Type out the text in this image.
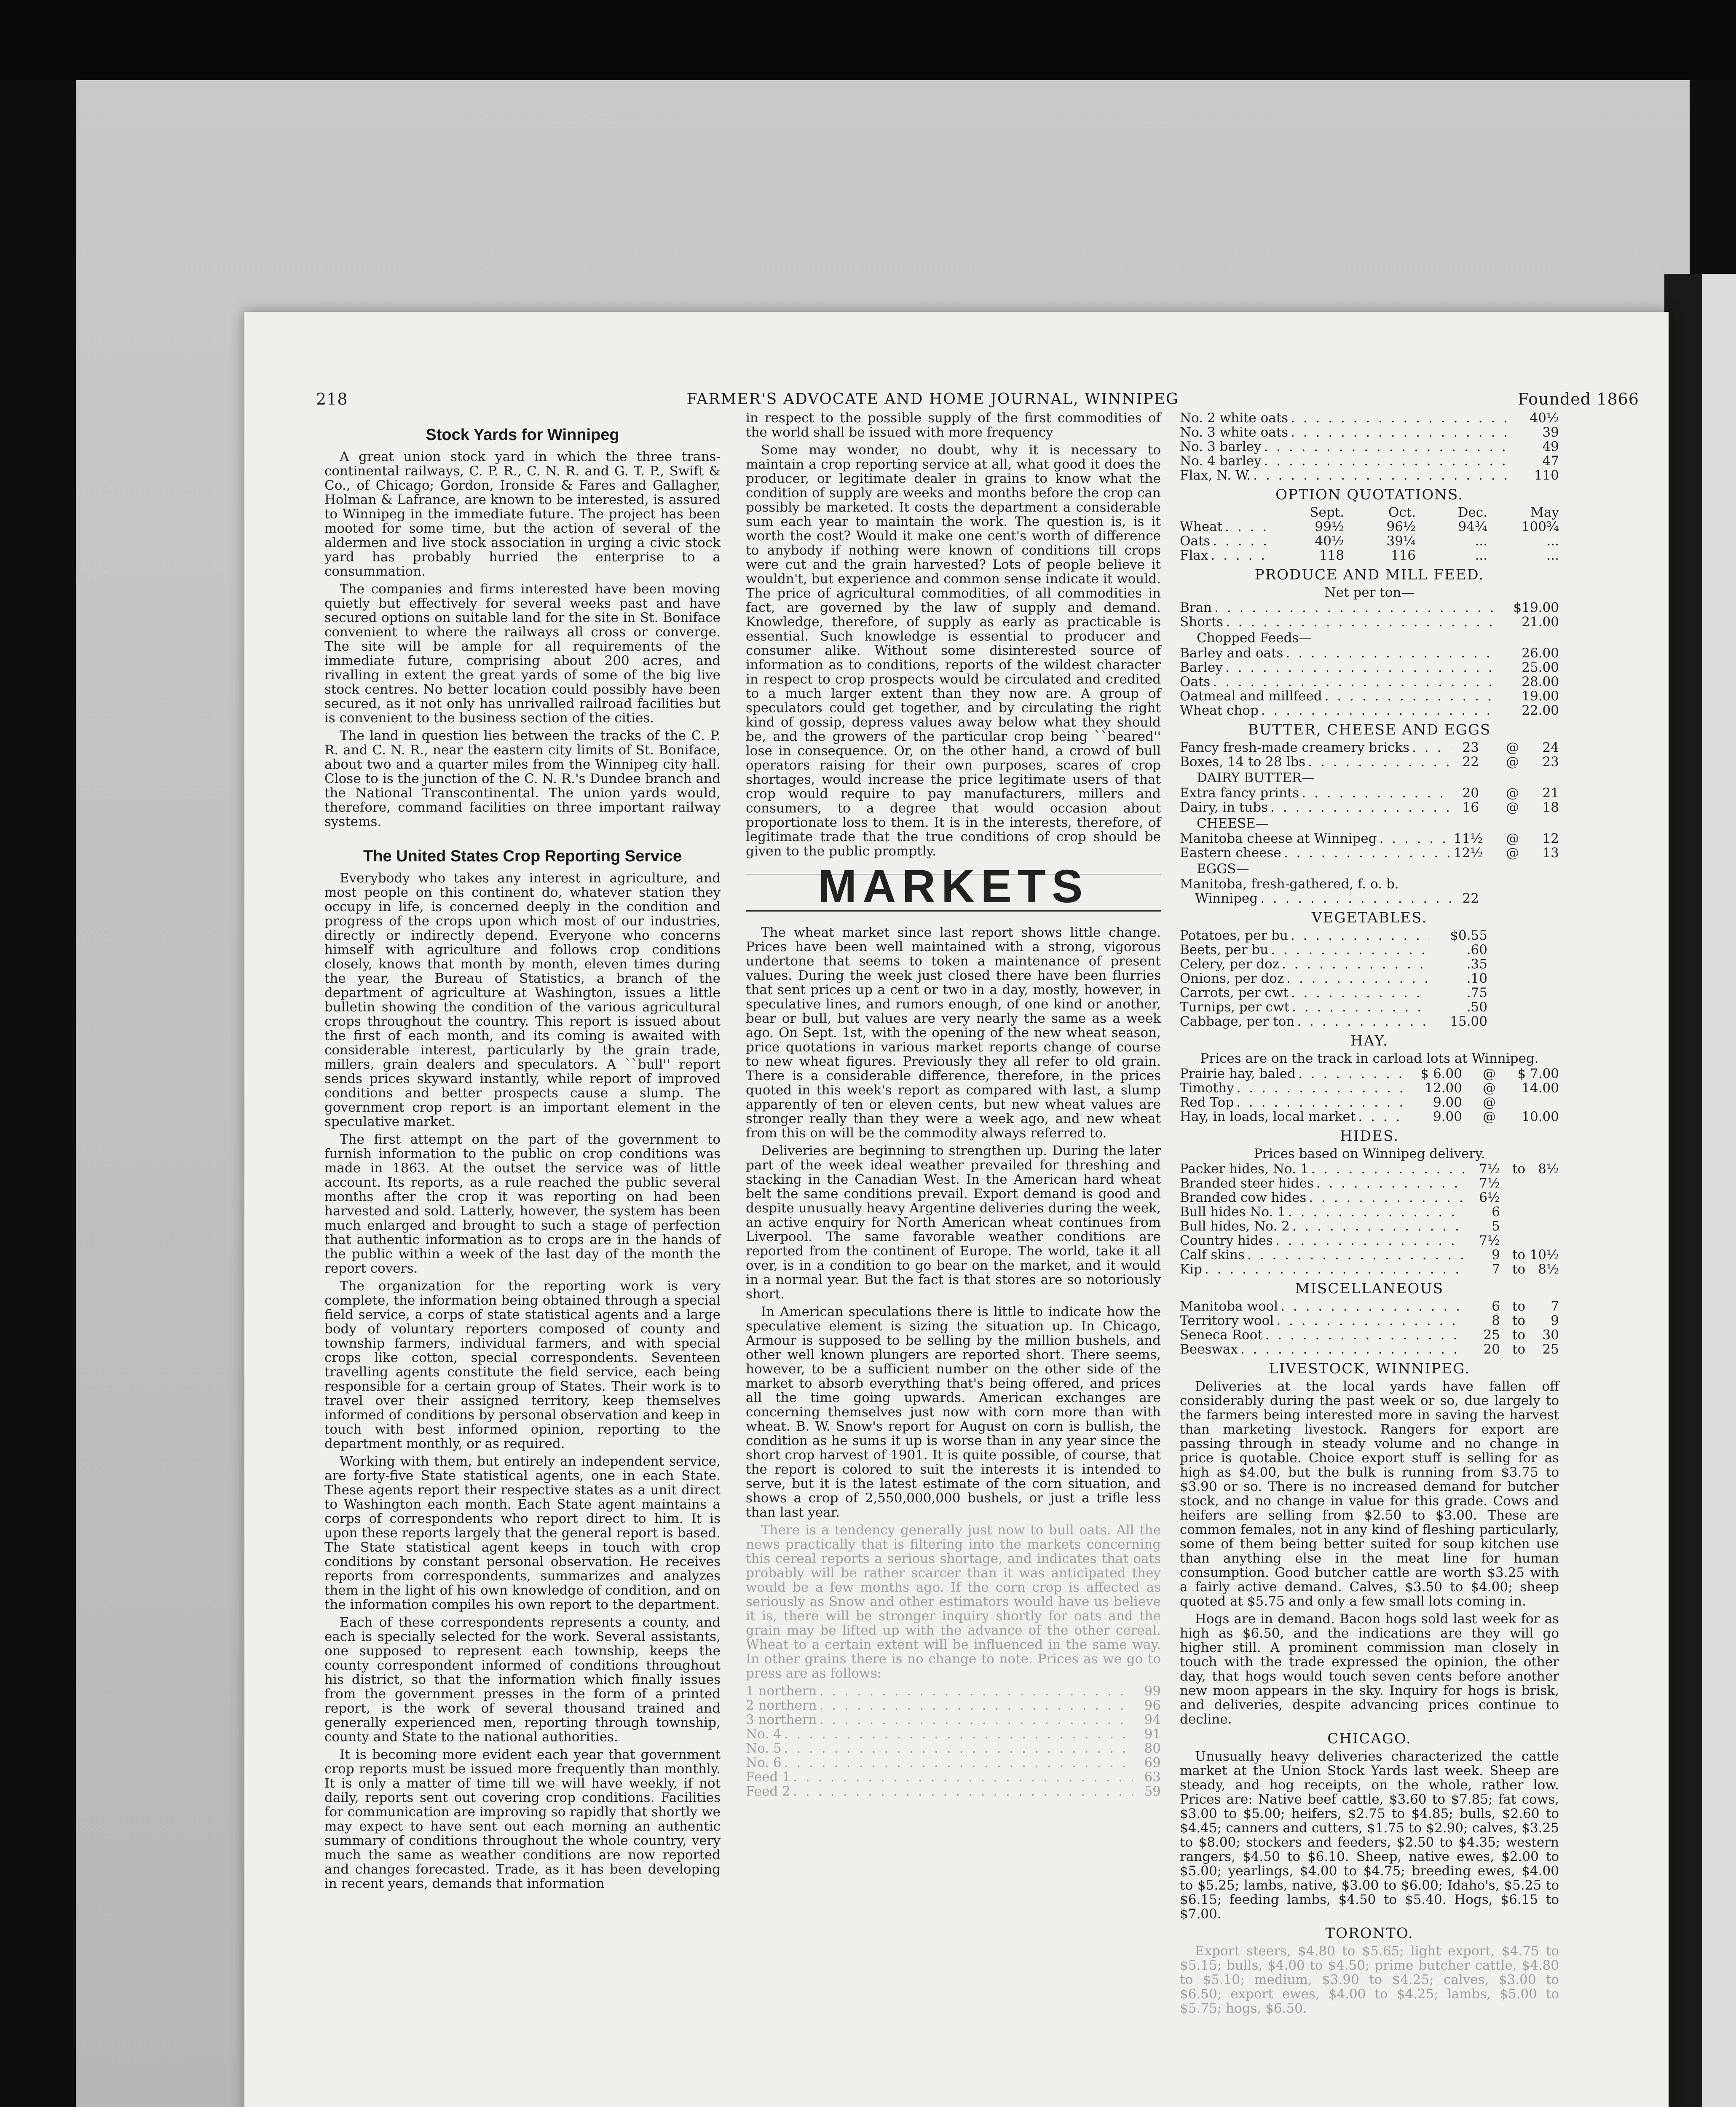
218	FARMER'S ADVOCATE AND HOME JOURNAL, WINNIPEG	Founded 1866
Stock Yards for Winnipeg

A great union stock yard in which the three trans-continental railways, C. P. R., C. N. R. and G. T. P., Swift & Co., of Chicago; Gordon, Ironside & Fares and Gallagher, Holman & Lafrance, are known to be interested, is assured to Winnipeg in the immediate future. The project has been mooted for some time, but the action of several of the aldermen and live stock association in urging a civic stock yard has probably hurried the enterprise to a consummation.

The companies and firms interested have been moving quietly but effectively for several weeks past and have secured options on suitable land for the site in St. Boniface convenient to where the railways all cross or converge. The site will be ample for all requirements of the immediate future, comprising about 200 acres, and rivalling in extent the great yards of some of the big live stock centres. No better location could possibly have been secured, as it not only has unrivalled railroad facilities but is convenient to the business section of the cities.

The land in question lies between the tracks of the C. P. R. and C. N. R., near the eastern city limits of St. Boniface, about two and a quarter miles from the Winnipeg city hall. Close to is the junction of the C. N. R.'s Dundee branch and the National Transcontinental. The union yards would, therefore, command facilities on three important railway systems.

The United States Crop Reporting Service

Everybody who takes any interest in agriculture, and most people on this continent do, whatever station they occupy in life, is concerned deeply in the condition and progress of the crops upon which most of our industries, directly or indirectly depend. Everyone who concerns himself with agriculture and follows crop conditions closely, knows that month by month, eleven times during the year, the Bureau of Statistics, a branch of the department of agriculture at Washington, issues a little bulletin showing the condition of the various agricultural crops throughout the country. This report is issued about the first of each month, and its coming is awaited with considerable interest, particularly by the grain trade, millers, grain dealers and speculators. A ``bull'' report sends prices skyward instantly, while report of improved conditions and better prospects cause a slump. The government crop report is an important element in the speculative market.

The first attempt on the part of the government to furnish information to the public on crop conditions was made in 1863. At the outset the service was of little account. Its reports, as a rule reached the public several months after the crop it was reporting on had been harvested and sold. Latterly, however, the system has been much enlarged and brought to such a stage of perfection that authentic information as to crops are in the hands of the public within a week of the last day of the month the report covers.

The organization for the reporting work is very complete, the information being obtained through a special field service, a corps of state statistical agents and a large body of voluntary reporters composed of county and township farmers, individual farmers, and with special crops like cotton, special correspondents. Seventeen travelling agents constitute the field service, each being responsible for a certain group of States. Their work is to travel over their assigned territory, keep themselves informed of conditions by personal observation and keep in touch with best informed opinion, reporting to the department monthly, or as required.

Working with them, but entirely an independent service, are forty-five State statistical agents, one in each State. These agents report their respective states as a unit direct to Washington each month. Each State agent maintains a corps of correspondents who report direct to him. It is upon these reports largely that the general report is based. The State statistical agent keeps in touch with crop conditions by constant personal observation. He receives reports from correspondents, summarizes and analyzes them in the light of his own knowledge of condition, and on the information compiles his own report to the department.

Each of these correspondents represents a county, and each is specially selected for the work. Several assistants, one supposed to represent each township, keeps the county correspondent informed of conditions throughout his district, so that the information which finally issues from the government presses in the form of a printed report, is the work of several thousand trained and generally experienced men, reporting through township, county and State to the national authorities.

It is becoming more evident each year that government crop reports must be issued more frequently than monthly. It is only a matter of time till we will have weekly, if not daily, reports sent out covering crop conditions. Facilities for communication are improving so rapidly that shortly we may expect to have sent out each morning an authentic summary of conditions throughout the whole country, very much the same as weather conditions are now reported and changes forecasted. Trade, as it has been developing in recent years, demands that information

in respect to the possible supply of the first commodities of the world shall be issued with more frequency

Some may wonder, no doubt, why it is necessary to maintain a crop reporting service at all, what good it does the producer, or legitimate dealer in grains to know what the condition of supply are weeks and months before the crop can possibly be marketed. It costs the department a considerable sum each year to maintain the work. The question is, is it worth the cost? Would it make one cent's worth of difference to anybody if nothing were known of conditions till crops were cut and the grain harvested? Lots of people believe it wouldn't, but experience and common sense indicate it would. The price of agricultural commodities, of all commodities in fact, are governed by the law of supply and demand. Knowledge, therefore, of supply as early as practicable is essential. Such knowledge is essential to producer and consumer alike. Without some disinterested source of information as to conditions, reports of the wildest character in respect to crop prospects would be circulated and credited to a much larger extent than they now are. A group of speculators could get together, and by circulating the right kind of gossip, depress values away below what they should be, and the growers of the particular crop being ``beared'' lose in consequence. Or, on the other hand, a crowd of bull operators raising for their own purposes, scares of crop shortages, would increase the price legitimate users of that crop would require to pay manufacturers, millers and consumers, to a degree that would occasion about proportionate loss to them. It is in the interests, therefore, of legitimate trade that the true conditions of crop should be given to the public promptly.

MARKETS

The wheat market since last report shows little change. Prices have been well maintained with a strong, vigorous undertone that seems to token a maintenance of present values. During the week just closed there have been flurries that sent prices up a cent or two in a day, mostly, however, in speculative lines, and rumors enough, of one kind or another, bear or bull, but values are very nearly the same as a week ago. On Sept. 1st, with the opening of the new wheat season, price quotations in various market reports change of course to new wheat figures. Previously they all refer to old grain. There is a considerable difference, therefore, in the prices quoted in this week's report as compared with last, a slump apparently of ten or eleven cents, but new wheat values are stronger really than they were a week ago, and new wheat from this on will be the commodity always referred to.

Deliveries are beginning to strengthen up. During the later part of the week ideal weather prevailed for threshing and stacking in the Canadian West. In the American hard wheat belt the same conditions prevail. Export demand is good and despite unusually heavy Argentine deliveries during the week, an active enquiry for North American wheat continues from Liverpool. The same favorable weather conditions are reported from the continent of Europe. The world, take it all over, is in a condition to go bear on the market, and it would in a normal year. But the fact is that stores are so notoriously short.

In American speculations there is little to indicate how the speculative element is sizing the situation up. In Chicago, Armour is supposed to be selling by the million bushels, and other well known plungers are reported short. There seems, however, to be a sufficient number on the other side of the market to absorb everything that's being offered, and prices all the time going upwards. American exchanges are concerning themselves just now with corn more than with wheat. B. W. Snow's report for August on corn is bullish, the condition as he sums it up is worse than in any year since the short crop harvest of 1901. It is quite possible, of course, that the report is colored to suit the interests it is intended to serve, but it is the latest estimate of the corn situation, and shows a crop of 2,550,000,000 bushels, or just a trifle less than last year.

There is a tendency generally just now to bull oats. All the news practically that is filtering into the markets concerning this cereal reports a serious shortage, and indicates that oats probably will be rather scarcer than it was anticipated they would be a few months ago. If the corn crop is affected as seriously as Snow and other estimators would have us believe it is, there will be stronger inquiry shortly for oats and the grain may be lifted up with the advance of the other cereal. Wheat to a certain extent will be influenced in the same way. In other grains there is no change to note. Prices as we go to press are as follows:

1 northern . . .	99
2 northern . . .	96
3 northern . . .	94
No. 4 . . .	91
No. 5 . . .	80
No. 6 . . .	69
Feed 1 . . .	63
Feed 2 . . .	59
No. 2 white oats . . .	40½
No. 3 white oats . . .	39
No. 3 barley . . .	49
No. 4 barley . . .	47
Flax, N. W. . . .	110
OPTION QUOTATIONS.
Sept.	Oct.	Dec.	May
Wheat . . .	99½	96½	94¾	100¾
Oats . . .	40½	39¼	...	...
Flax . . .	118	116	...	...
PRODUCE AND MILL FEED.
Net per ton—
Bran . . .	$19.00
Shorts . . .	21.00
Chopped Feeds—
Barley and oats . . .	26.00
Barley . . .	25.00
Oats . . .	28.00
Oatmeal and millfeed . . .	19.00
Wheat chop . . .	22.00
BUTTER, CHEESE AND EGGS
Fancy fresh-made creamery bricks . . .	23	@	24
Boxes, 14 to 28 lbs . . .	22	@	23
DAIRY BUTTER—
Extra fancy prints . . .	20	@	21
Dairy, in tubs . . .	16	@	18
CHEESE—
Manitoba cheese at Winnipeg . . .	11½	@	12
Eastern cheese . . .	12½	@	13
EGGS—
Manitoba, fresh-gathered, f. o. b.
Winnipeg . . .	22
VEGETABLES.
Potatoes, per bu . . .	$0.55
Beets, per bu . . .	.60
Celery, per doz . . .	.35
Onions, per doz . . .	.10
Carrots, per cwt . . .	.75
Turnips, per cwt . . .	.50
Cabbage, per ton . . .	15.00
HAY.
Prices are on the track in carload lots at Winnipeg.
Prairie hay, baled . . .	$ 6.00	@	$ 7.00
Timothy . . .	12.00	@	14.00
Red Top . . .	9.00	@
Hay, in loads, local market . . .	9.00	@	10.00
HIDES.
Prices based on Winnipeg delivery.
Packer hides, No. 1 . . .	7½ to 8½
Branded steer hides . . .	7½
Branded cow hides . . .	6½
Bull hides No. 1 . . .	6
Bull hides, No. 2 . . .	5
Country hides . . .	7½
Calf skins . . .	9 to 10½
Kip . . .	7 to 8½
MISCELLANEOUS
Manitoba wool . . .	6 to	7
Territory wool . . .	8 to	9
Seneca Root . . .	25 to	30
Beeswax . . .	20 to	25
LIVESTOCK, WINNIPEG.

Deliveries at the local yards have fallen off considerably during the past week or so, due largely to the farmers being interested more in saving the harvest than marketing livestock. Rangers for export are passing through in steady volume and no change in price is quotable. Choice export stuff is selling for as high as $4.00, but the bulk is running from $3.75 to $3.90 or so. There is no increased demand for butcher stock, and no change in value for this grade. Cows and heifers are selling from $2.50 to $3.00. These are common females, not in any kind of fleshing particularly, some of them being better suited for soup kitchen use than anything else in the meat line for human consumption. Good butcher cattle are worth $3.25 with a fairly active demand. Calves, $3.50 to $4.00; sheep quoted at $5.75 and only a few small lots coming in.

Hogs are in demand. Bacon hogs sold last week for as high as $6.50, and the indications are they will go higher still. A prominent commission man closely in touch with the trade expressed the opinion, the other day, that hogs would touch seven cents before another new moon appears in the sky. Inquiry for hogs is brisk, and deliveries, despite advancing prices continue to decline.

CHICAGO.

Unusually heavy deliveries characterized the cattle market at the Union Stock Yards last week. Sheep are steady, and hog receipts, on the whole, rather low. Prices are: Native beef cattle, $3.60 to $7.85; fat cows, $3.00 to $5.00; heifers, $2.75 to $4.85; bulls, $2.60 to $4.45; canners and cutters, $1.75 to $2.90; calves, $3.25 to $8.00; stockers and feeders, $2.50 to $4.35; western rangers, $4.50 to $6.10. Sheep, native ewes, $2.00 to $5.00; yearlings, $4.00 to $4.75; breeding ewes, $4.00 to $5.25; lambs, native, $3.00 to $6.00; Idaho's, $5.25 to $6.15; feeding lambs, $4.50 to $5.40. Hogs, $6.15 to $7.00.

TORONTO.

Export steers, $4.80 to $5.65; light export, $4.75 to $5.15; bulls, $4.00 to $4.50; prime butcher cattle, $4.80 to $5.10; medium, $3.90 to $4.25; calves, $3.00 to $6.50; export ewes, $4.00 to $4.25; lambs, $5.00 to $5.75; hogs, $6.50.
